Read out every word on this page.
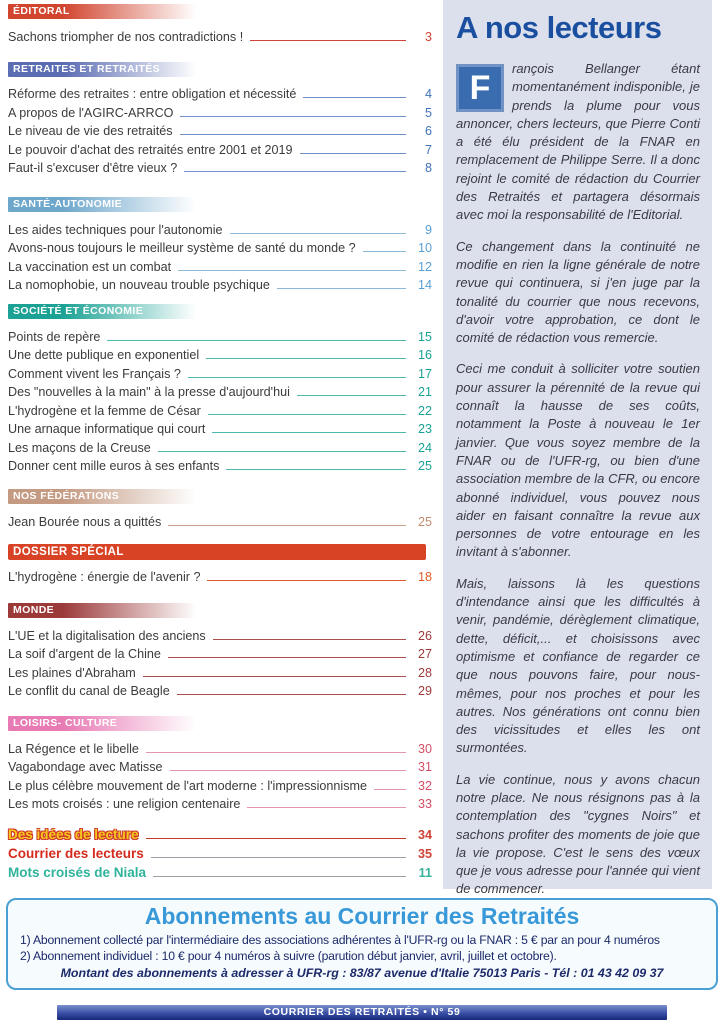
ÉDITORAL
Sachons triompher de nos contradictions !	3
RETRAITES ET RETRAITÉS
Réforme des retraites : entre obligation et nécessité	4
A propos de l'AGIRC-ARRCO	5
Le niveau de vie des retraités	6
Le pouvoir d'achat des retraités entre 2001 et 2019	7
Faut-il s'excuser d'être vieux ?	8
SANTÉ-AUTONOMIE
Les aides techniques pour l'autonomie	9
Avons-nous toujours le meilleur système de santé du monde ?	10
La vaccination est un combat	12
La nomophobie, un nouveau trouble psychique	14
SOCIÉTÉ ET ÉCONOMIE
Points de repère	15
Une dette publique en exponentiel	16
Comment vivent les Français ?	17
Des "nouvelles à la main" à la presse d'aujourd'hui	21
L'hydrogène et la femme de César	22
Une arnaque informatique qui court	23
Les maçons de la Creuse	24
Donner cent mille euros à ses enfants	25
NOS FÉDÉRATIONS
Jean Bourée nous a quittés	25
DOSSIER SPÉCIAL
L'hydrogène : énergie de l'avenir ?	18
MONDE
L'UE et la digitalisation des anciens	26
La soif d'argent de la Chine	27
Les plaines d'Abraham	28
Le conflit du canal de Beagle	29
LOISIRS- CULTURE
La Régence et le libelle	30
Vagabondage avec Matisse	31
Le plus célèbre mouvement de l'art moderne : l'impressionnisme	32
Les mots croisés : une religion centenaire	33
Des idées de lecture	34
Courrier des lecteurs	35
Mots croisés de Niala	11
A nos lecteurs

F
rançois Bellanger étant momentanément indisponible, je prends la plume pour vous annoncer, chers lecteurs, que Pierre Conti a été élu président de la FNAR en remplacement de Philippe Serre. Il a donc rejoint le comité de rédaction du Courrier des Retraités et partagera désormais avec moi la responsabilité de l'Editorial.

Ce changement dans la continuité ne modifie en rien la ligne générale de notre revue qui continuera, si j'en juge par la tonalité du courrier que nous recevons, d'avoir votre approbation, ce dont le comité de rédaction vous remercie.

Ceci me conduit à solliciter votre soutien pour assurer la pérennité de la revue qui connaît la hausse de ses coûts, notamment la Poste à nouveau le 1er janvier. Que vous soyez membre de la FNAR ou de l'UFR-rg, ou bien d'une association membre de la CFR, ou encore abonné individuel, vous pouvez nous aider en faisant connaître la revue aux personnes de votre entourage en les invitant à s'abonner.

Mais, laissons là les questions d'intendance ainsi que les difficultés à venir, pandémie, dérèglement climatique, dette, déficit,... et choisissons avec optimisme et confiance de regarder ce que nous pouvons faire, pour nous-mêmes, pour nos proches et pour les autres. Nos générations ont connu bien des vicissitudes et elles les ont surmontées.

La vie continue, nous y avons chacun notre place. Ne nous résignons pas à la contemplation des "cygnes Noirs" et sachons profiter des moments de joie que la vie propose. C'est le sens des vœux que je vous adresse pour l'année qui vient de commencer.

Abonnements au Courrier des Retraités
1) Abonnement collecté par l'intermédiaire des associations adhérentes à l'UFR-rg ou la FNAR : 5 € par an pour 4 numéros
2) Abonnement individuel : 10 € pour 4 numéros à suivre (parution début janvier, avril, juillet et octobre).
Montant des abonnements à adresser à UFR-rg : 83/87 avenue d'Italie 75013 Paris - Tél : 01 43 42 09 37
COURRIER DES RETRAITÉS • N° 59
